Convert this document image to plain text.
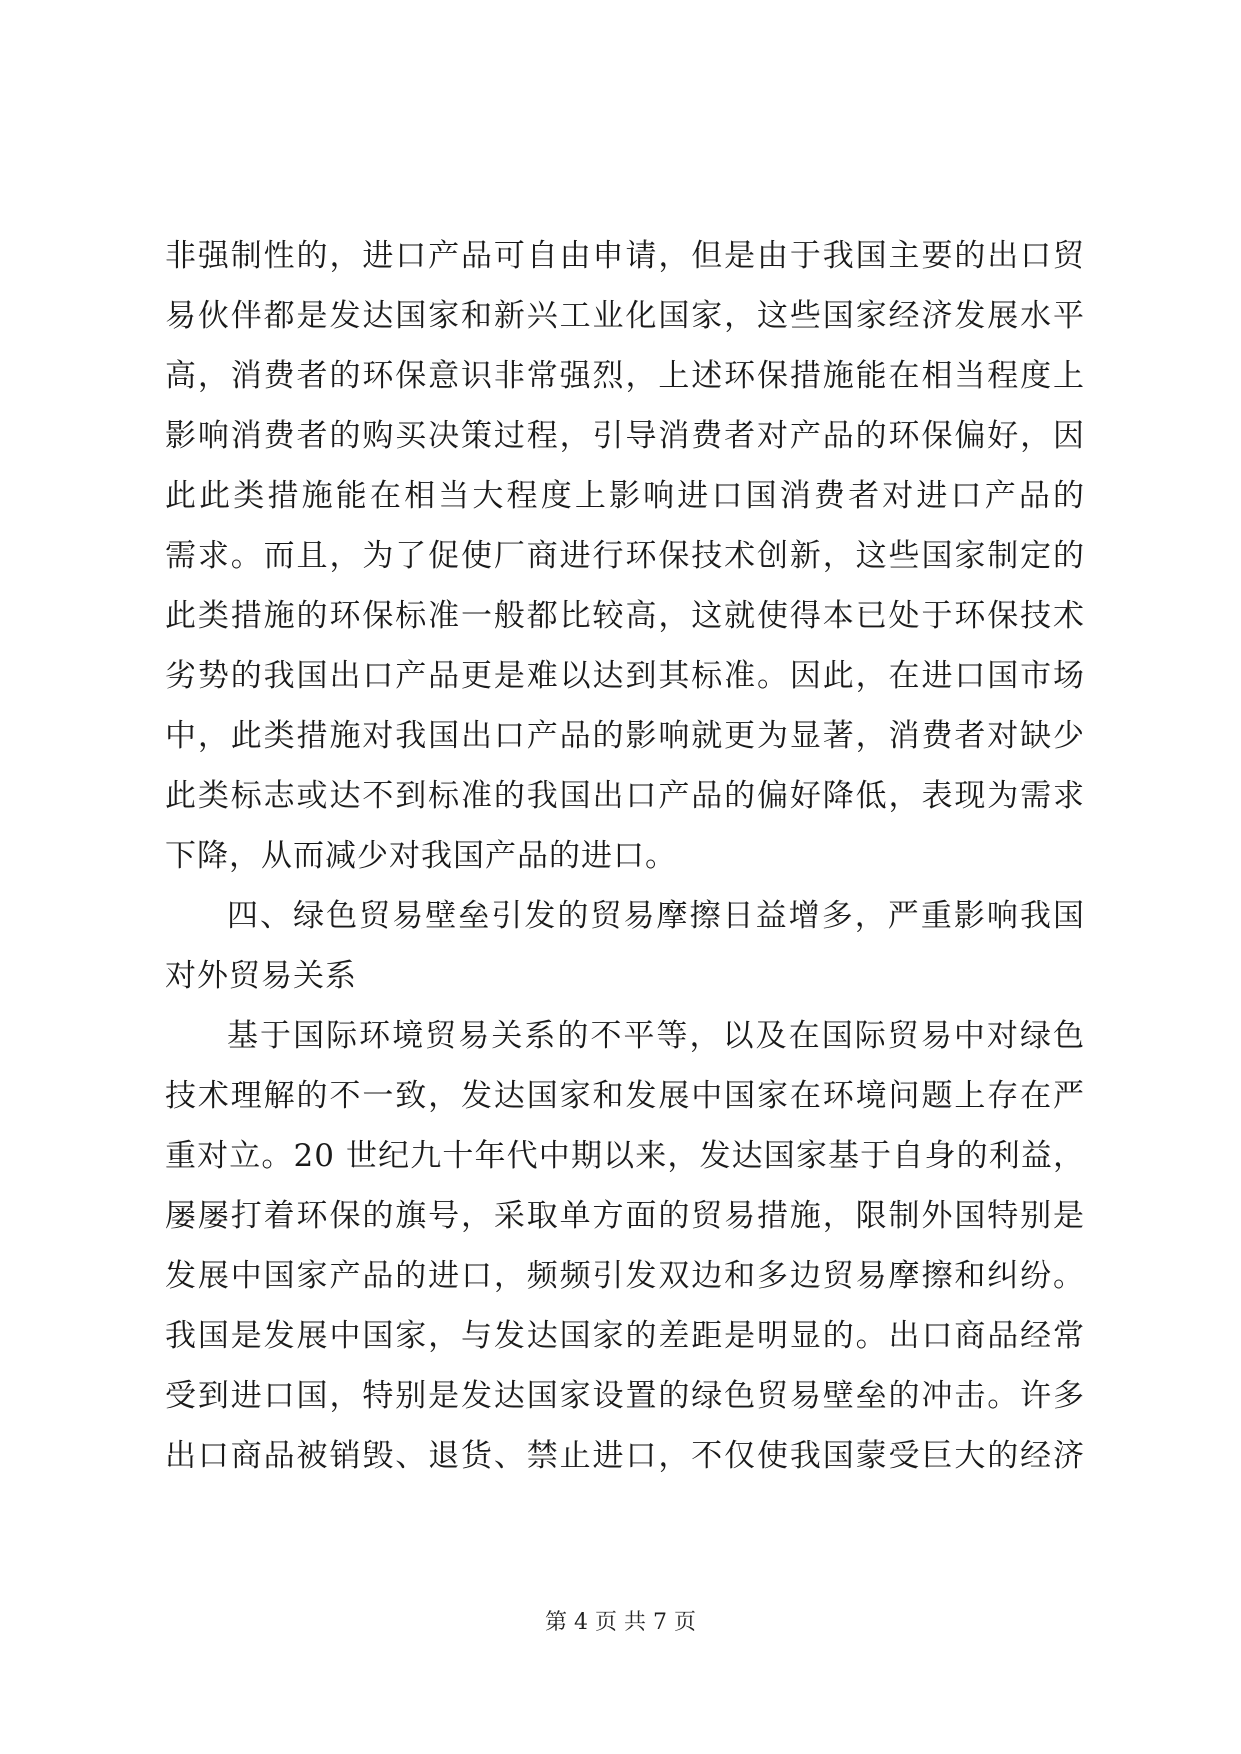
非强制性的，进口产品可自由申请，但是由于我国主要的出口贸
易伙伴都是发达国家和新兴工业化国家，这些国家经济发展水平
高，消费者的环保意识非常强烈，上述环保措施能在相当程度上
影响消费者的购买决策过程，引导消费者对产品的环保偏好，因
此此类措施能在相当大程度上影响进口国消费者对进口产品的
需求。而且，为了促使厂商进行环保技术创新，这些国家制定的
此类措施的环保标准一般都比较高，这就使得本已处于环保技术
劣势的我国出口产品更是难以达到其标准。因此，在进口国市场
中，此类措施对我国出口产品的影响就更为显著，消费者对缺少
此类标志或达不到标准的我国出口产品的偏好降低，表现为需求
下降，从而减少对我国产品的进口。
四、绿色贸易壁垒引发的贸易摩擦日益增多，严重影响我国
对外贸易关系
基于国际环境贸易关系的不平等，以及在国际贸易中对绿色
技术理解的不一致，发达国家和发展中国家在环境问题上存在严
重对立。20 世纪九十年代中期以来，发达国家基于自身的利益，
屡屡打着环保的旗号，采取单方面的贸易措施，限制外国特别是
发展中国家产品的进口，频频引发双边和多边贸易摩擦和纠纷。
我国是发展中国家，与发达国家的差距是明显的。出口商品经常
受到进口国，特别是发达国家设置的绿色贸易壁垒的冲击。许多
出口商品被销毁、退货、禁止进口，不仅使我国蒙受巨大的经济
第 4 页 共 7 页
